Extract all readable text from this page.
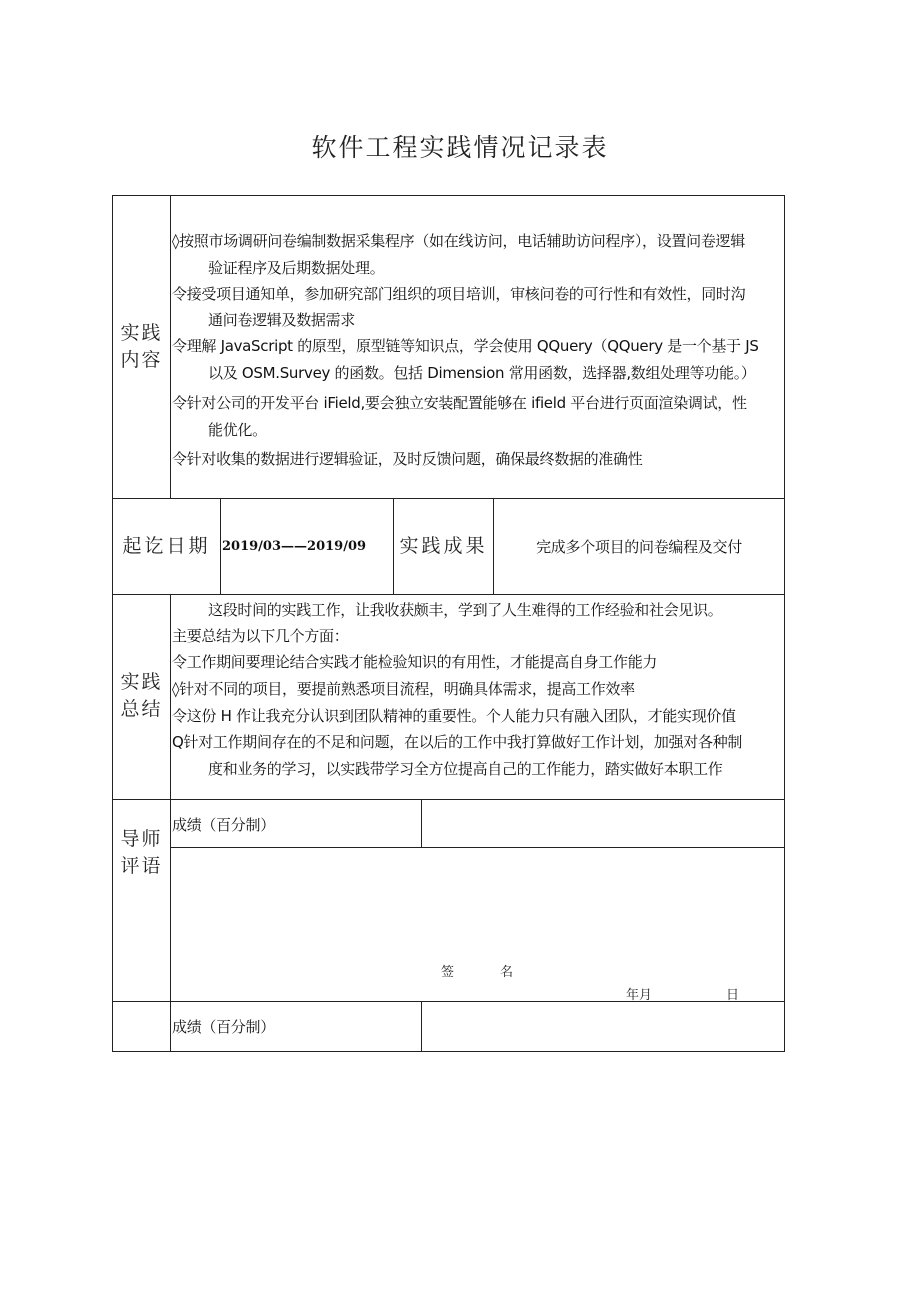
软件工程实践情况记录表
实践
内容
◊按照市场调研问卷编制数据采集程序（如在线访问，电话辅助访问程序），设置问卷逻辑
验证程序及后期数据处理。
令接受项目通知单，参加研究部门组织的项目培训，审核问卷的可行性和有效性，同时沟
通问卷逻辑及数据需求
令理解 JavaScript 的原型，原型链等知识点，学会使用 QQuery（QQuery 是一个基于 JS
以及 OSM.Survey 的函数。包括 Dimension 常用函数，选择器,数组处理等功能。）
令针对公司的开发平台 iField,要会独立安装配置能够在 ifield 平台进行页面渲染调试，性
能优化。
令针对收集的数据进行逻辑验证，及时反馈问题，确保最终数据的准确性
起讫日期 2019/03——2019/09 实践成果	完成多个项目的问卷编程及交付
实践
总结
这段时间的实践工作，让我收获颇丰，学到了人生难得的工作经验和社会见识。
主要总结为以下几个方面：
令工作期间要理论结合实践才能检验知识的有用性，才能提高自身工作能力
◊针对不同的项目，要提前熟悉项目流程，明确具体需求，提高工作效率
令这份 H 作让我充分认识到团队精神的重要性。个人能力只有融入团队，才能实现价值
Q针对工作期间存在的不足和问题，在以后的工作中我打算做好工作计划，加强对各种制
度和业务的学习，以实践带学习全方位提高自己的工作能力，踏实做好本职工作
导师
评语
成绩（百分制）
签	名
年月	日
成绩（百分制）
